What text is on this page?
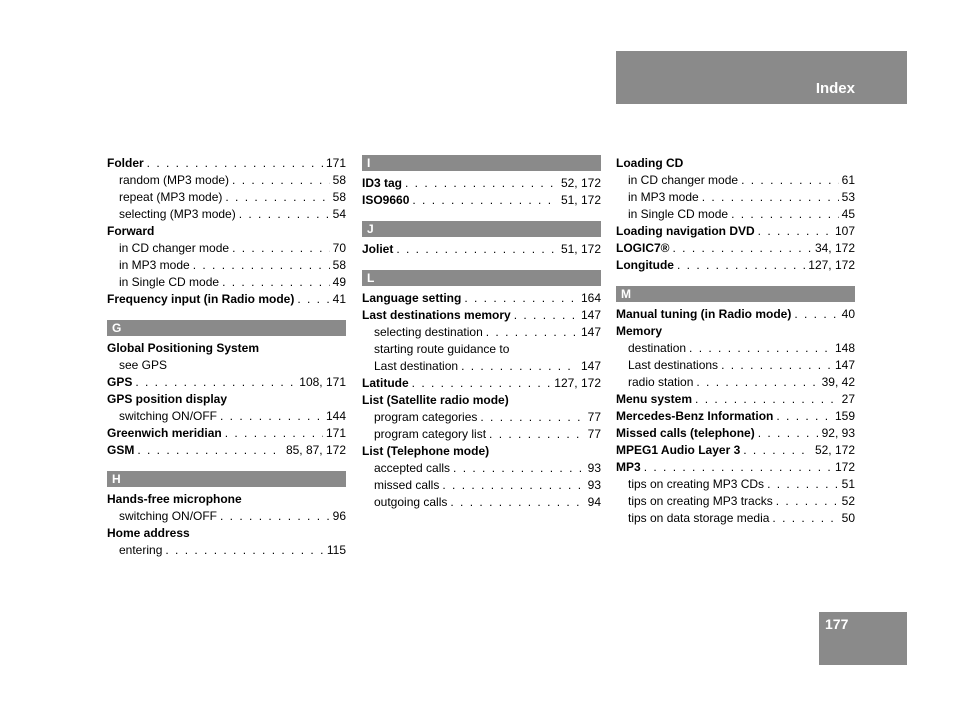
Index
Folder . . .	171
random (MP3 mode) . . .	58
repeat (MP3 mode) . . .	58
selecting (MP3 mode) . . .	54
Forward
in CD changer mode . . .	70
in MP3 mode . . .	58
in Single CD mode . . .	49
Frequency input (in Radio mode) . . .	41
G
Global Positioning System
see GPS
GPS . . .	108, 171
GPS position display
switching ON/OFF . . .	144
Greenwich meridian . . .	171
GSM . . .	85, 87, 172
H
Hands-free microphone
switching ON/OFF . . .	96
Home address
entering . . .	115
I
ID3 tag . . .	52, 172
ISO9660 . . .	51, 172
J
Joliet . . .	51, 172
L
Language setting . . .	164
Last destinations memory . . .	147
selecting destination . . .	147
starting route guidance to
Last destination . . .	147
Latitude . . .	127, 172
List (Satellite radio mode)
program categories . . .	77
program category list . . .	77
List (Telephone mode)
accepted calls . . .	93
missed calls . . .	93
outgoing calls . . .	94
Loading CD
in CD changer mode . . .	61
in MP3 mode . . .	53
in Single CD mode . . .	45
Loading navigation DVD . . .	107
LOGIC7® . . .	34, 172
Longitude . . .	127, 172
M
Manual tuning (in Radio mode) . . .	40
Memory
destination . . .	148
Last destinations . . .	147
radio station . . .	39, 42
Menu system . . .	27
Mercedes-Benz Information . . .	159
Missed calls (telephone) . . .	92, 93
MPEG1 Audio Layer 3 . . .	52, 172
MP3 . . .	172
tips on creating MP3 CDs . . .	51
tips on creating MP3 tracks . . .	52
tips on data storage media . . .	50
177
